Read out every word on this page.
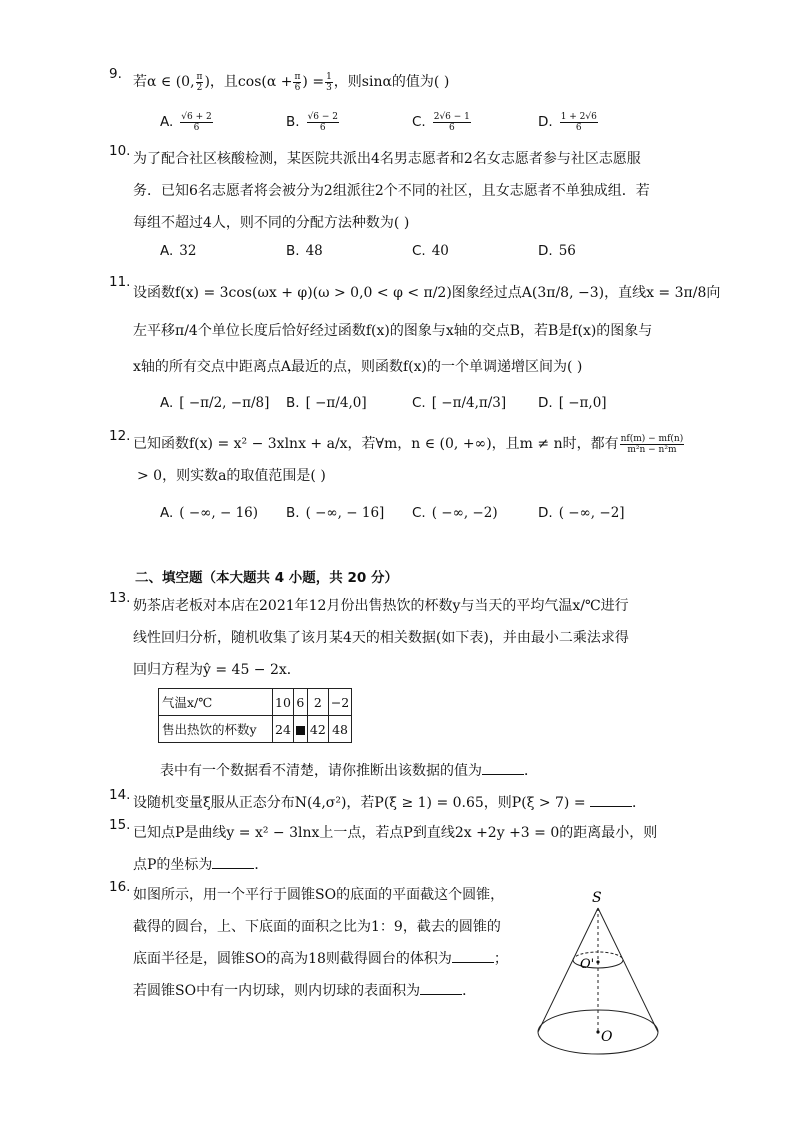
9. 若α ∈ (0, $\frac{\pi}{2}$ )，且$\cos(\alpha + \frac{\pi}{6}$ ) = $\frac{1}{3}$ ，则sinα的值为( )
A. $\frac{√6 + 2}{6}$	B. $\frac{√6 - 2}{6}$	C. $\frac{2√6 - 1}{6}$	D. $\frac{1 + 2√6}{6}$
10. 为了配合社区核酸检测，某医院共派出4名男志愿者和2名女志愿者参与社区志愿服
务．已知6名志愿者将会被分为2组派往2个不同的社区，且女志愿者不单独成组．若
每组不超过4人，则不同的分配方法种数为( )
A. 32	B. 48	C. 40	D. 56
11.
设函数f(x) = 3cos(ωx + φ)(ω > 0,0 < φ < π/2)图象经过点A(3π/8, −3)，直线x = 3π/8向
左平移π/4个单位长度后恰好经过函数f(x)的图象与x轴的交点B，若B是f(x)的图象与
x轴的所有交点中距离点A最近的点，则函数f(x)的一个单调递增区间为( )
A. [ −π/2, −π/8] B. [ −π/4,0]	C. [ −π/4,π/3] D. [ −π,0]
12. 已知函数f(x) = x² − 3xlnx + a/x，若∀m，n ∈ (0, +∞)，且m ≠ n时，都有 $\frac{nf(m) - mf(n)}{\text{m²n − n²m}}$
> 0，则实数a的取值范围是( )
A. ( −∞, − 16) B. ( −∞, − 16] C. ( −∞, −2)	D. ( −∞, −2]
二、填空题（本大题共 4 小题，共 20 分）
13. 奶茶店老板对本店在2021年12月份出售热饮的杯数y与当天的平均气温x/℃进行
线性回归分析，随机收集了该月某4天的相关数据(如下表)，并由最小二乘法求得
回归方程为ŷ = 45 − 2x．
气温x/℃	10	6	2	−2
售出热饮的杯数y	24		42	48
表中有一个数据看不清楚，请你推断出该数据的值为	．
14. 设随机变量ξ服从正态分布N(4,σ²)，若P(ξ ≥ 1) = 0.65，则P(ξ > 7) =	．
15. 已知点P是曲线y = x² − 3lnx上一点，若点P到直线2x +2y +3 = 0的距离最小，则
点P的坐标为	．
16. 如图所示，用一个平行于圆锥SO的底面的平面截这个圆锥，
截得的圆台，上、下底面的面积之比为1：9，截去的圆锥的
底面半径是，圆锥SO的高为18则截得圆台的体积为	；
若圆锥SO中有一内切球，则内切球的表面积为	．
S
O'
O
